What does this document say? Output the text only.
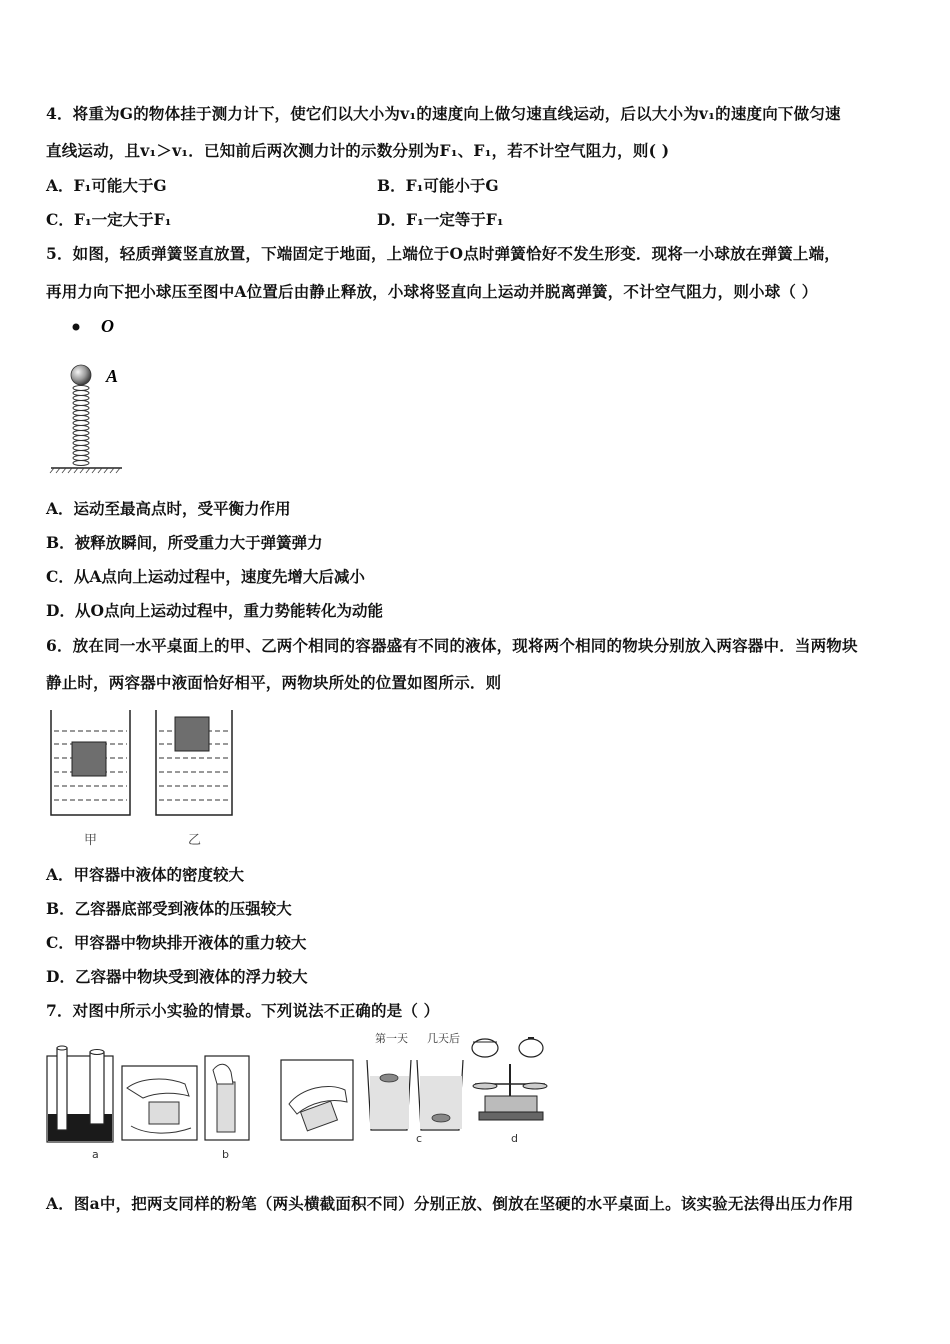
4．将重为G的物体挂于测力计下，使它们以大小为v₁的速度向上做匀速直线运动，后以大小为v₁的速度向下做匀速
直线运动，且v₁＞v₁．已知前后两次测力计的示数分别为F₁、F₁，若不计空气阻力，则( )
A．F₁可能大于G	B．F₁可能小于G
C．F₁一定大于F₁	D．F₁一定等于F₁
5．如图，轻质弹簧竖直放置，下端固定于地面，上端位于O点时弹簧恰好不发生形变．现将一小球放在弹簧上端，
再用力向下把小球压至图中A位置后由静止释放，小球将竖直向上运动并脱离弹簧，不计空气阻力，则小球（ ）
O
A
A．运动至最高点时，受平衡力作用
B．被释放瞬间，所受重力大于弹簧弹力
C．从A点向上运动过程中，速度先增大后减小
D．从O点向上运动过程中，重力势能转化为动能
6．放在同一水平桌面上的甲、乙两个相同的容器盛有不同的液体，现将两个相同的物块分别放入两容器中．当两物块
静止时，两容器中液面恰好相平，两物块所处的位置如图所示．则
甲	乙
A．甲容器中液体的密度较大
B．乙容器底部受到液体的压强较大
C．甲容器中物块排开液体的重力较大
D．乙容器中物块受到液体的浮力较大
7．对图中所示小实验的情景。下列说法不正确的是（ ）
a	b
第一天 几天后
c	d
A．图a中，把两支同样的粉笔（两头横截面积不同）分别正放、倒放在坚硬的水平桌面上。该实验无法得出压力作用
